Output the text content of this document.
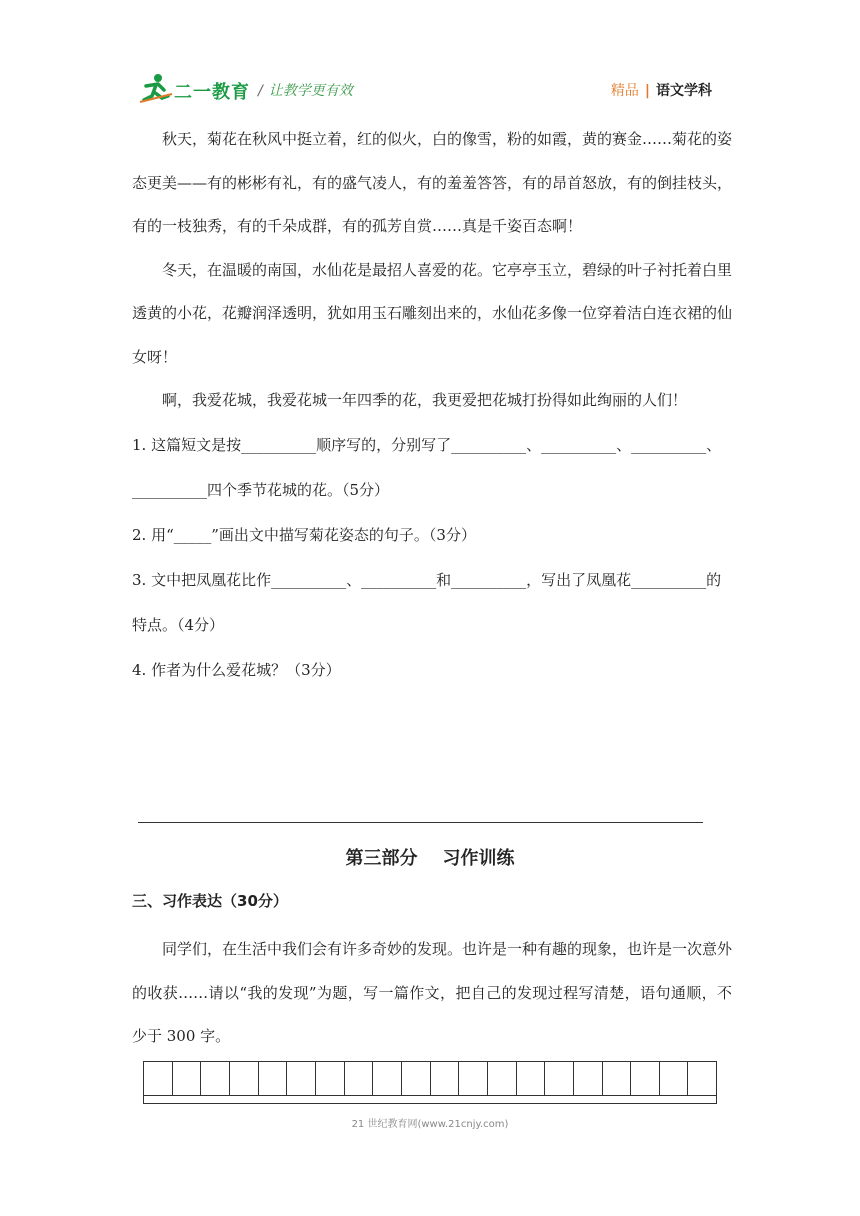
二一教育 / 让教学更有效	精品 | 语文学科

秋天，菊花在秋风中挺立着，红的似火，白的像雪，粉的如霞，黄的赛金……菊花的姿态更美——有的彬彬有礼，有的盛气凌人，有的羞羞答答，有的昂首怒放，有的倒挂枝头，有的一枝独秀，有的千朵成群，有的孤芳自赏……真是千姿百态啊！

冬天，在温暖的南国，水仙花是最招人喜爱的花。它亭亭玉立，碧绿的叶子衬托着白里透黄的小花，花瓣润泽透明，犹如用玉石雕刻出来的，水仙花多像一位穿着洁白连衣裙的仙女呀！

啊，我爱花城，我爱花城一年四季的花，我更爱把花城打扮得如此绚丽的人们！

1. 这篇短文是按__________顺序写的，分别写了__________、__________、__________、__________四个季节花城的花。（5分）

2. 用“_____”画出文中描写菊花姿态的句子。（3分）

3. 文中把凤凰花比作__________、__________和__________，写出了凤凰花__________的特点。（4分）

4. 作者为什么爱花城？（3分）

第三部分    习作训练
三、习作表达（30分）

同学们，在生活中我们会有许多奇妙的发现。也许是一种有趣的现象，也许是一次意外的收获……请以“我的发现”为题，写一篇作文，把自己的发现过程写清楚，语句通顺，不少于 300 字。

21 世纪教育网(www.21cnjy.com)
